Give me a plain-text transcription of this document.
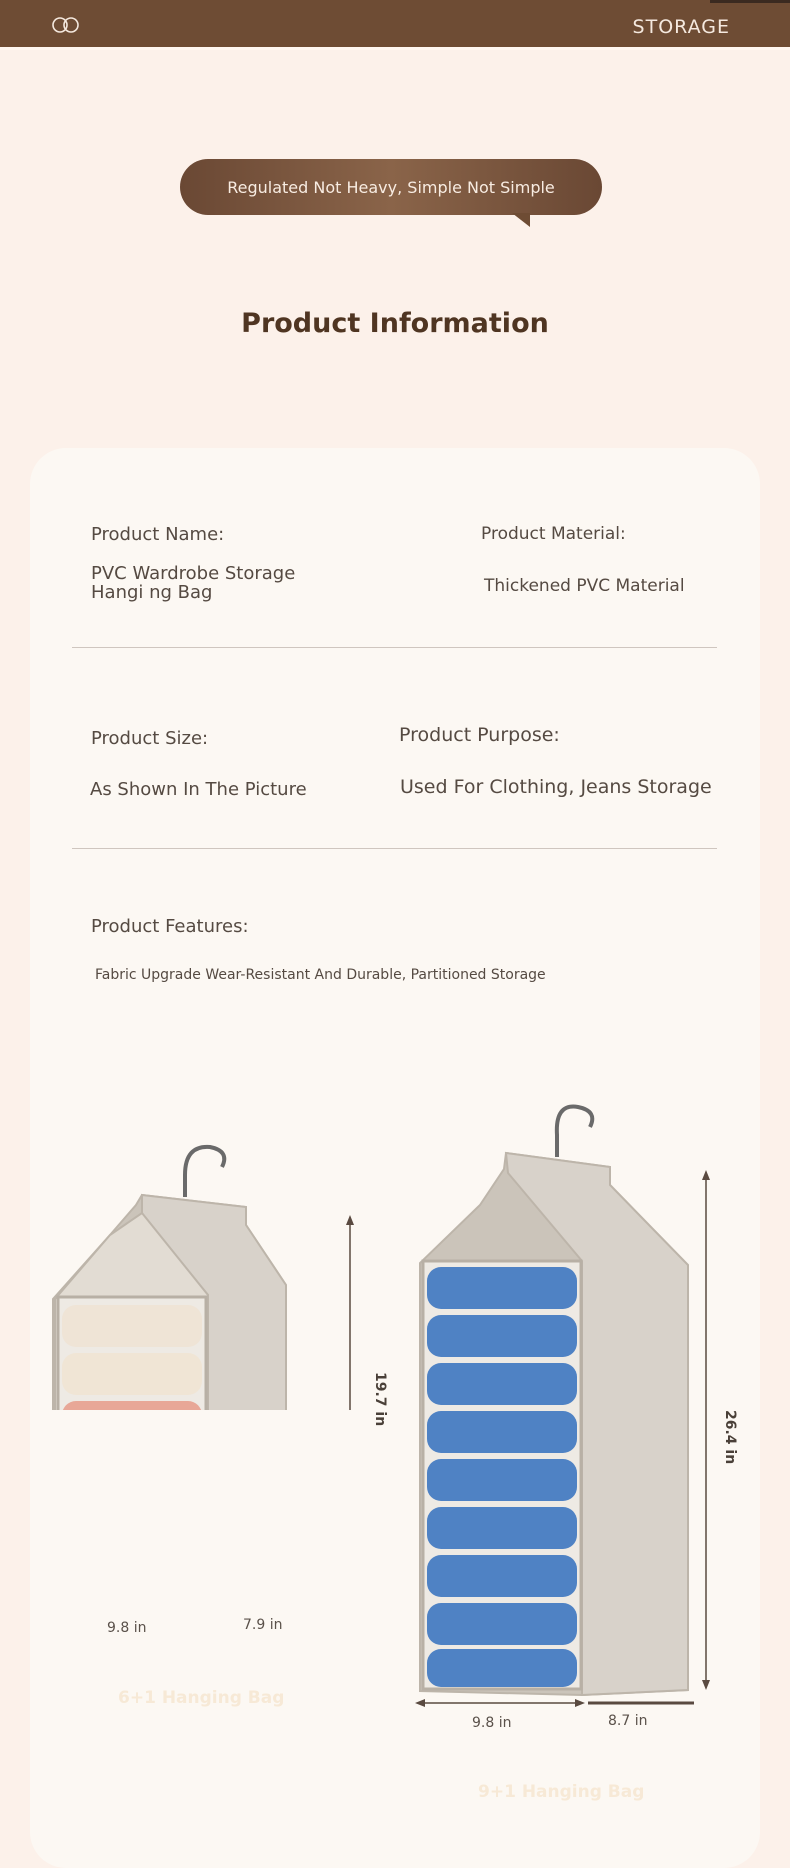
STORAGE
Regulated Not Heavy, Simple Not Simple
Product Information
Product Name:
PVC Wardrobe Storage Hangi ng Bag
Product Material:
Thickened PVC Material
Product Size:
As Shown In The Picture
Product Purpose:
Used For Clothing, Jeans Storage
Product Features:
Fabric Upgrade Wear-Resistant And Durable, Partitioned Storage
9.8 in	7.9 in
19.7 in
6+1 Hanging Bag
9.8 in	8.7 in
26.4 in
9+1 Hanging Bag
